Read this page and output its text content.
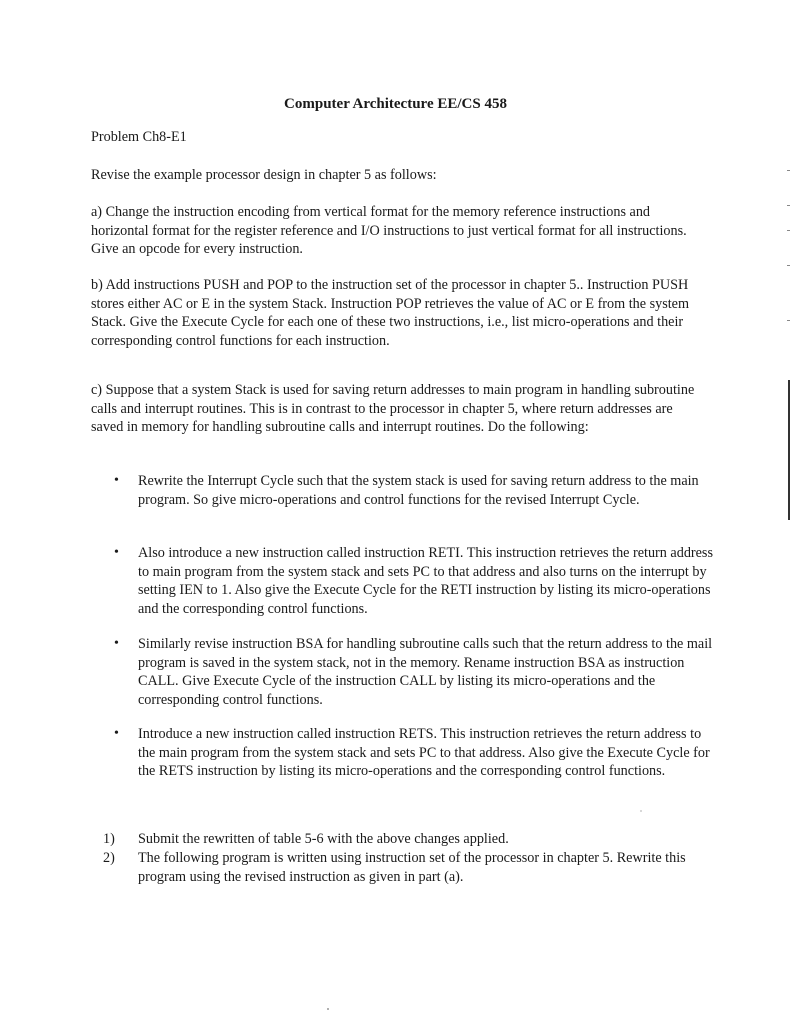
Computer Architecture EE/CS 458
Problem Ch8-E1
Revise the example processor design in chapter 5 as follows:
a) Change the instruction encoding from vertical format for the memory reference instructions and horizontal format for the register reference and I/O instructions to just vertical format for all instructions. Give an opcode for every instruction.
b) Add instructions PUSH and POP to the instruction set of the processor in chapter 5.. Instruction PUSH stores either AC or E in the system Stack. Instruction POP retrieves the value of AC or E from the system Stack. Give the Execute Cycle for each one of these two instructions, i.e., list micro-operations and their corresponding control functions for each instruction.
c) Suppose that a system Stack is used for saving return addresses to main program in handling subroutine calls and interrupt routines. This is in contrast to the processor in chapter 5, where return addresses are saved in memory for handling subroutine calls and interrupt routines. Do the following:
• Rewrite the Interrupt Cycle such that the system stack is used for saving return address to the main program. So give micro-operations and control functions for the revised Interrupt Cycle.
• Also introduce a new instruction called instruction RETI. This instruction retrieves the return address to main program from the system stack and sets PC to that address and also turns on the interrupt by setting IEN to 1. Also give the Execute Cycle for the RETI instruction by listing its micro-operations and the corresponding control functions.
• Similarly revise instruction BSA for handling subroutine calls such that the return address to the mail program is saved in the system stack, not in the memory. Rename instruction BSA as instruction CALL. Give Execute Cycle of the instruction CALL by listing its micro-operations and the corresponding control functions.
• Introduce a new instruction called instruction RETS. This instruction retrieves the return address to the main program from the system stack and sets PC to that address. Also give the Execute Cycle for the RETS instruction by listing its micro-operations and the corresponding control functions.
1) Submit the rewritten of table 5-6 with the above changes applied.
2) The following program is written using instruction set of the processor in chapter 5. Rewrite this program using the revised instruction as given in part (a).
